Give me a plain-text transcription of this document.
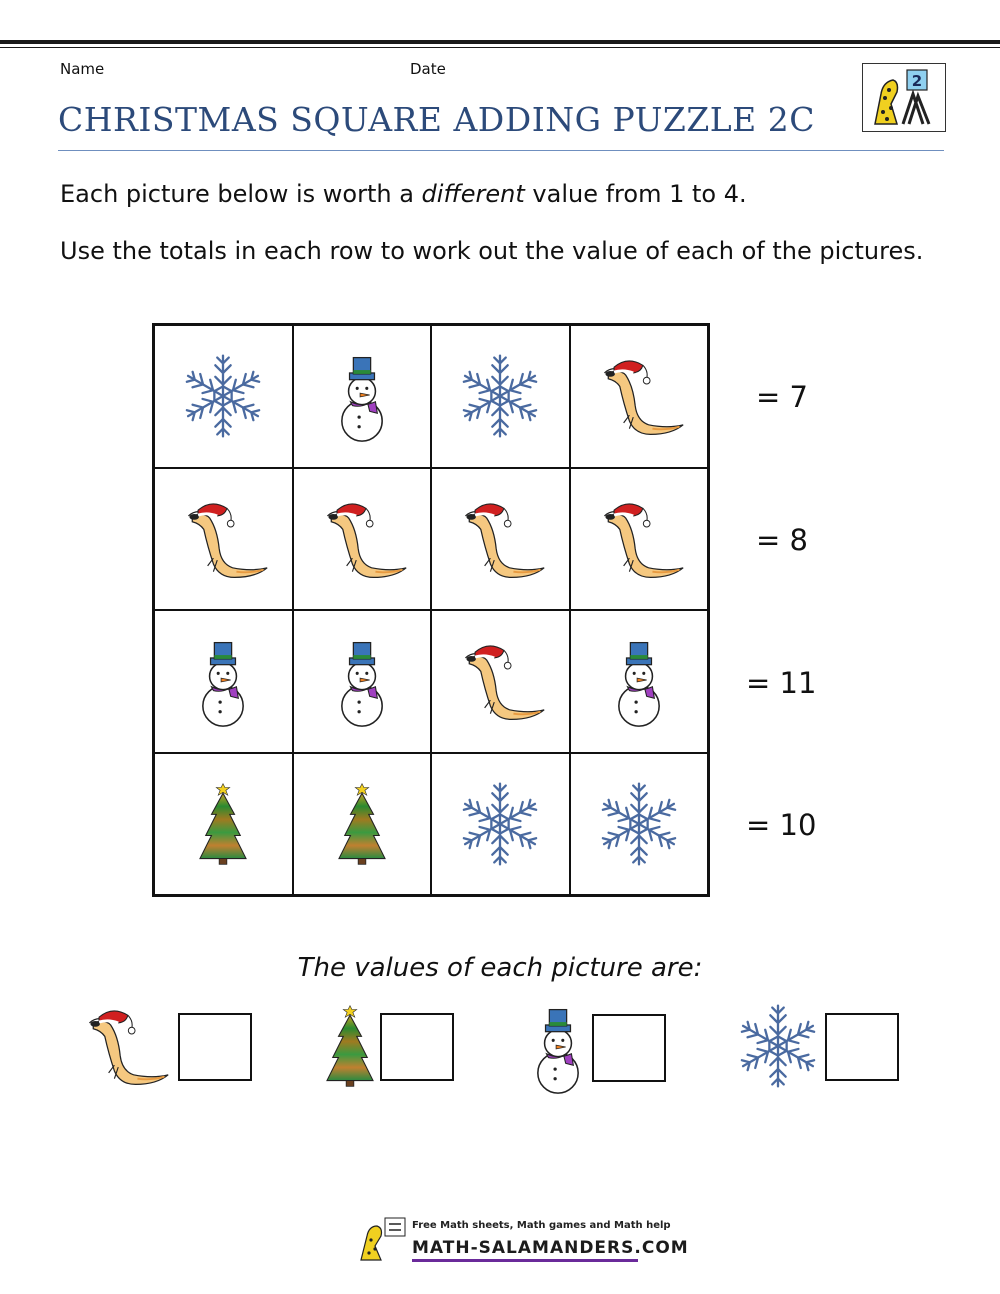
Name	Date
CHRISTMAS SQUARE ADDING PUZZLE 2C
2
Each picture below is worth a different value from 1 to 4.
Use the totals in each row to work out the value of each of the pictures.
= 7
= 8
= 11
= 10
The values of each picture are:
Free Math sheets, Math games and Math help
MATH-SALAMANDERS.COM
